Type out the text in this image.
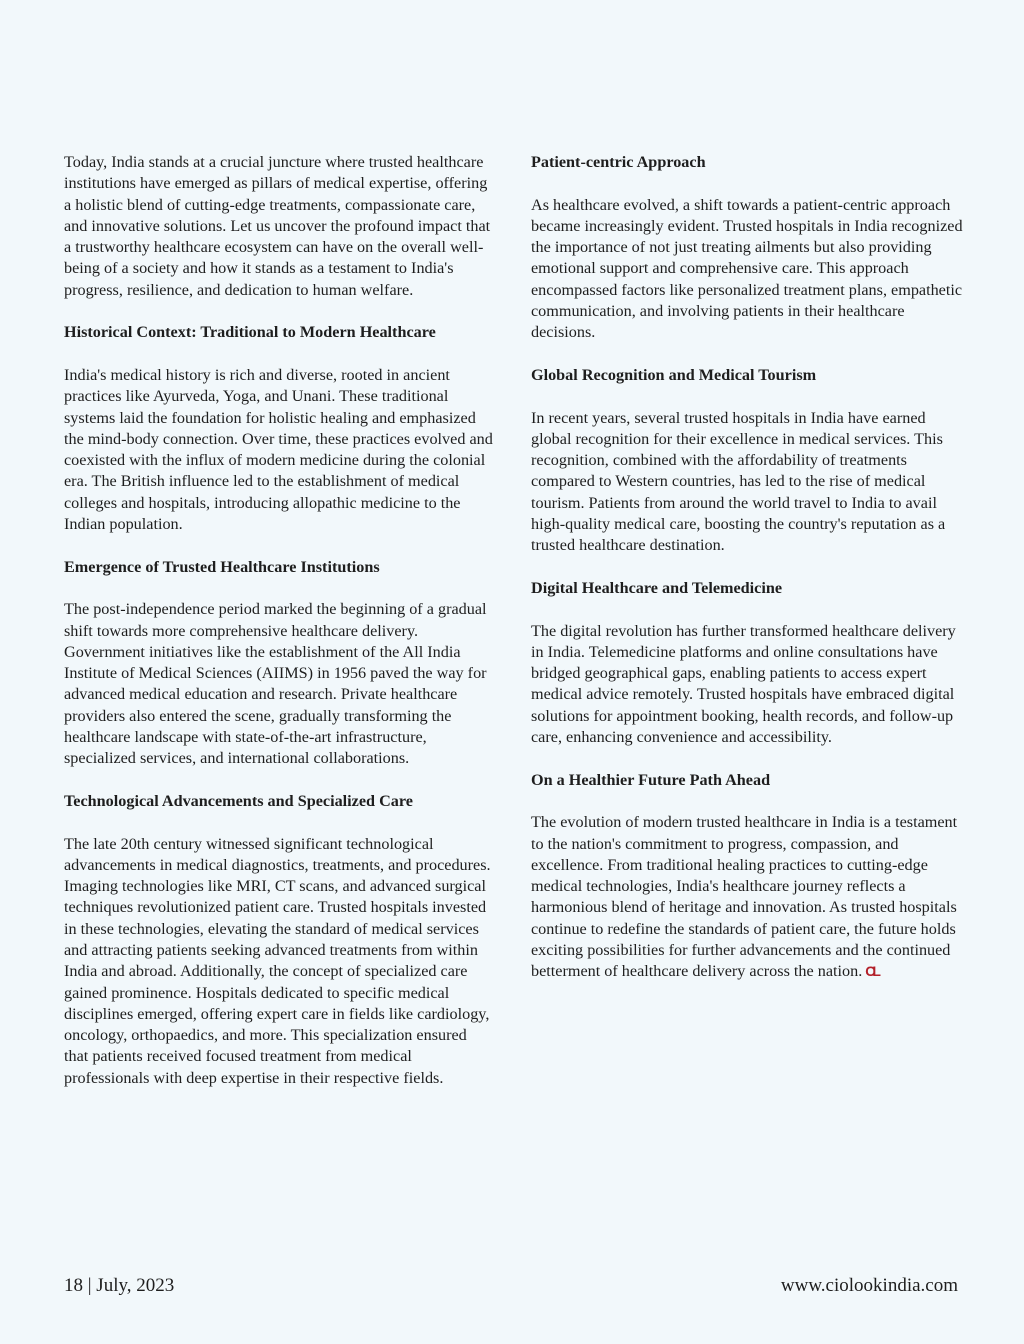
Today, India stands at a crucial juncture where trusted healthcare institutions have emerged as pillars of medical expertise, offering a holistic blend of cutting-edge treatments, compassionate care, and innovative solutions. Let us uncover the profound impact that a trustworthy healthcare ecosystem can have on the overall well-being of a society and how it stands as a testament to India's progress, resilience, and dedication to human welfare.

Historical Context: Traditional to Modern Healthcare

India's medical history is rich and diverse, rooted in ancient practices like Ayurveda, Yoga, and Unani. These traditional systems laid the foundation for holistic healing and emphasized the mind-body connection. Over time, these practices evolved and coexisted with the influx of modern medicine during the colonial era. The British influence led to the establishment of medical colleges and hospitals, introducing allopathic medicine to the Indian population.

Emergence of Trusted Healthcare Institutions

The post-independence period marked the beginning of a gradual shift towards more comprehensive healthcare delivery. Government initiatives like the establishment of the All India Institute of Medical Sciences (AIIMS) in 1956 paved the way for advanced medical education and research. Private healthcare providers also entered the scene, gradually transforming the healthcare landscape with state-of-the-art infrastructure, specialized services, and international collaborations.

Technological Advancements and Specialized Care

The late 20th century witnessed significant technological advancements in medical diagnostics, treatments, and procedures. Imaging technologies like MRI, CT scans, and advanced surgical techniques revolutionized patient care. Trusted hospitals invested in these technologies, elevating the standard of medical services and attracting patients seeking advanced treatments from within India and abroad. Additionally, the concept of specialized care gained prominence. Hospitals dedicated to specific medical disciplines emerged, offering expert care in fields like cardiology, oncology, orthopaedics, and more. This specialization ensured that patients received focused treatment from medical professionals with deep expertise in their respective fields.

Patient-centric Approach

As healthcare evolved, a shift towards a patient-centric approach became increasingly evident. Trusted hospitals in India recognized the importance of not just treating ailments but also providing emotional support and comprehensive care. This approach encompassed factors like personalized treatment plans, empathetic communication, and involving patients in their healthcare decisions.

Global Recognition and Medical Tourism

In recent years, several trusted hospitals in India have earned global recognition for their excellence in medical services. This recognition, combined with the affordability of treatments compared to Western countries, has led to the rise of medical tourism. Patients from around the world travel to India to avail high-quality medical care, boosting the country's reputation as a trusted healthcare destination.

Digital Healthcare and Telemedicine

The digital revolution has further transformed healthcare delivery in India. Telemedicine platforms and online consultations have bridged geographical gaps, enabling patients to access expert medical advice remotely. Trusted hospitals have embraced digital solutions for appointment booking, health records, and follow-up care, enhancing convenience and accessibility.

On a Healthier Future Path Ahead

The evolution of modern trusted healthcare in India is a testament to the nation's commitment to progress, compassion, and excellence. From traditional healing practices to cutting-edge medical technologies, India's healthcare journey reflects a harmonious blend of heritage and innovation. As trusted hospitals continue to redefine the standards of patient care, the future holds exciting possibilities for further advancements and the continued betterment of healthcare delivery across the nation. CL

18 | July, 2023	www.ciolookindia.com
